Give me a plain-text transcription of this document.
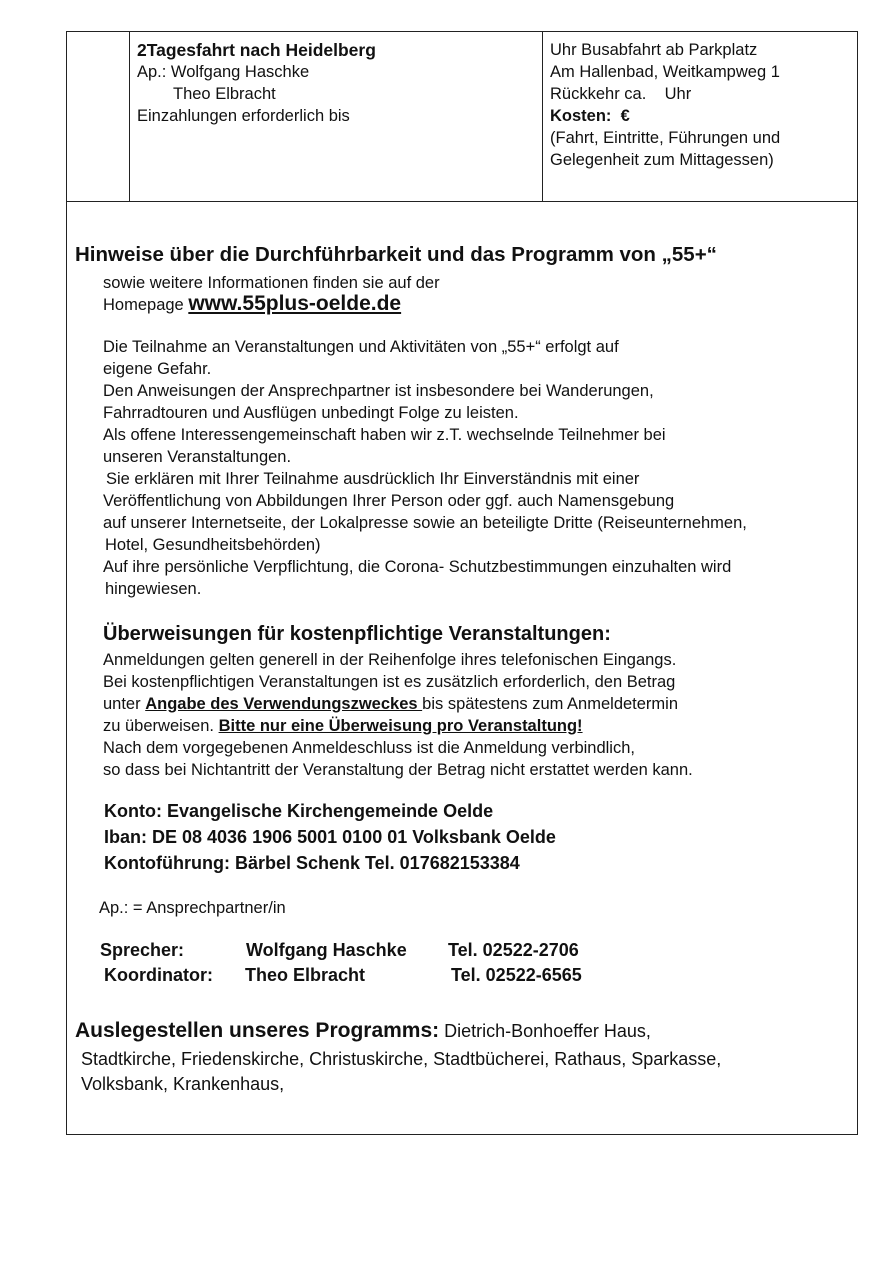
2Tagesfahrt nach Heidelberg
Ap.: Wolfgang Haschke
Theo Elbracht
Einzahlungen erforderlich bis
Uhr Busabfahrt ab Parkplatz
Am Hallenbad, Weitkampweg 1
Rückkehr ca. Uhr
Kosten: €
(Fahrt, Eintritte, Führungen und
Gelegenheit zum Mittagessen)
Hinweise über die Durchführbarkeit und das Programm von „55+“
sowie weitere Informationen finden sie auf der
Homepage www.55plus-oelde.de
Die Teilnahme an Veranstaltungen und Aktivitäten von „55+“ erfolgt auf
eigene Gefahr.
Den Anweisungen der Ansprechpartner ist insbesondere bei Wanderungen,
Fahrradtouren und Ausflügen unbedingt Folge zu leisten.
Als offene Interessengemeinschaft haben wir z.T. wechselnde Teilnehmer bei
unseren Veranstaltungen.
Sie erklären mit Ihrer Teilnahme ausdrücklich Ihr Einverständnis mit einer
Veröffentlichung von Abbildungen Ihrer Person oder ggf. auch Namensgebung
auf unserer Internetseite, der Lokalpresse sowie an beteiligte Dritte (Reiseunternehmen,
Hotel, Gesundheitsbehörden)
Auf ihre persönliche Verpflichtung, die Corona- Schutzbestimmungen einzuhalten wird
hingewiesen.
Überweisungen für kostenpflichtige Veranstaltungen:
Anmeldungen gelten generell in der Reihenfolge ihres telefonischen Eingangs.
Bei kostenpflichtigen Veranstaltungen ist es zusätzlich erforderlich, den Betrag
unter Angabe des Verwendungszweckes bis spätestens zum Anmeldetermin
zu überweisen. Bitte nur eine Überweisung pro Veranstaltung!
Nach dem vorgegebenen Anmeldeschluss ist die Anmeldung verbindlich,
so dass bei Nichtantritt der Veranstaltung der Betrag nicht erstattet werden kann.
Konto: Evangelische Kirchengemeinde Oelde
Iban: DE 08 4036 1906 5001 0100 01 Volksbank Oelde
Kontoführung: Bärbel Schenk Tel. 017682153384
Ap.: = Ansprechpartner/in
Sprecher:	Wolfgang Haschke Tel. 02522-2706
Koordinator: Theo Elbracht	Tel. 02522-6565
Auslegestellen unseres Programms: Dietrich-Bonhoeffer Haus,
Stadtkirche, Friedenskirche, Christuskirche, Stadtbücherei, Rathaus, Sparkasse,
Volksbank, Krankenhaus,
